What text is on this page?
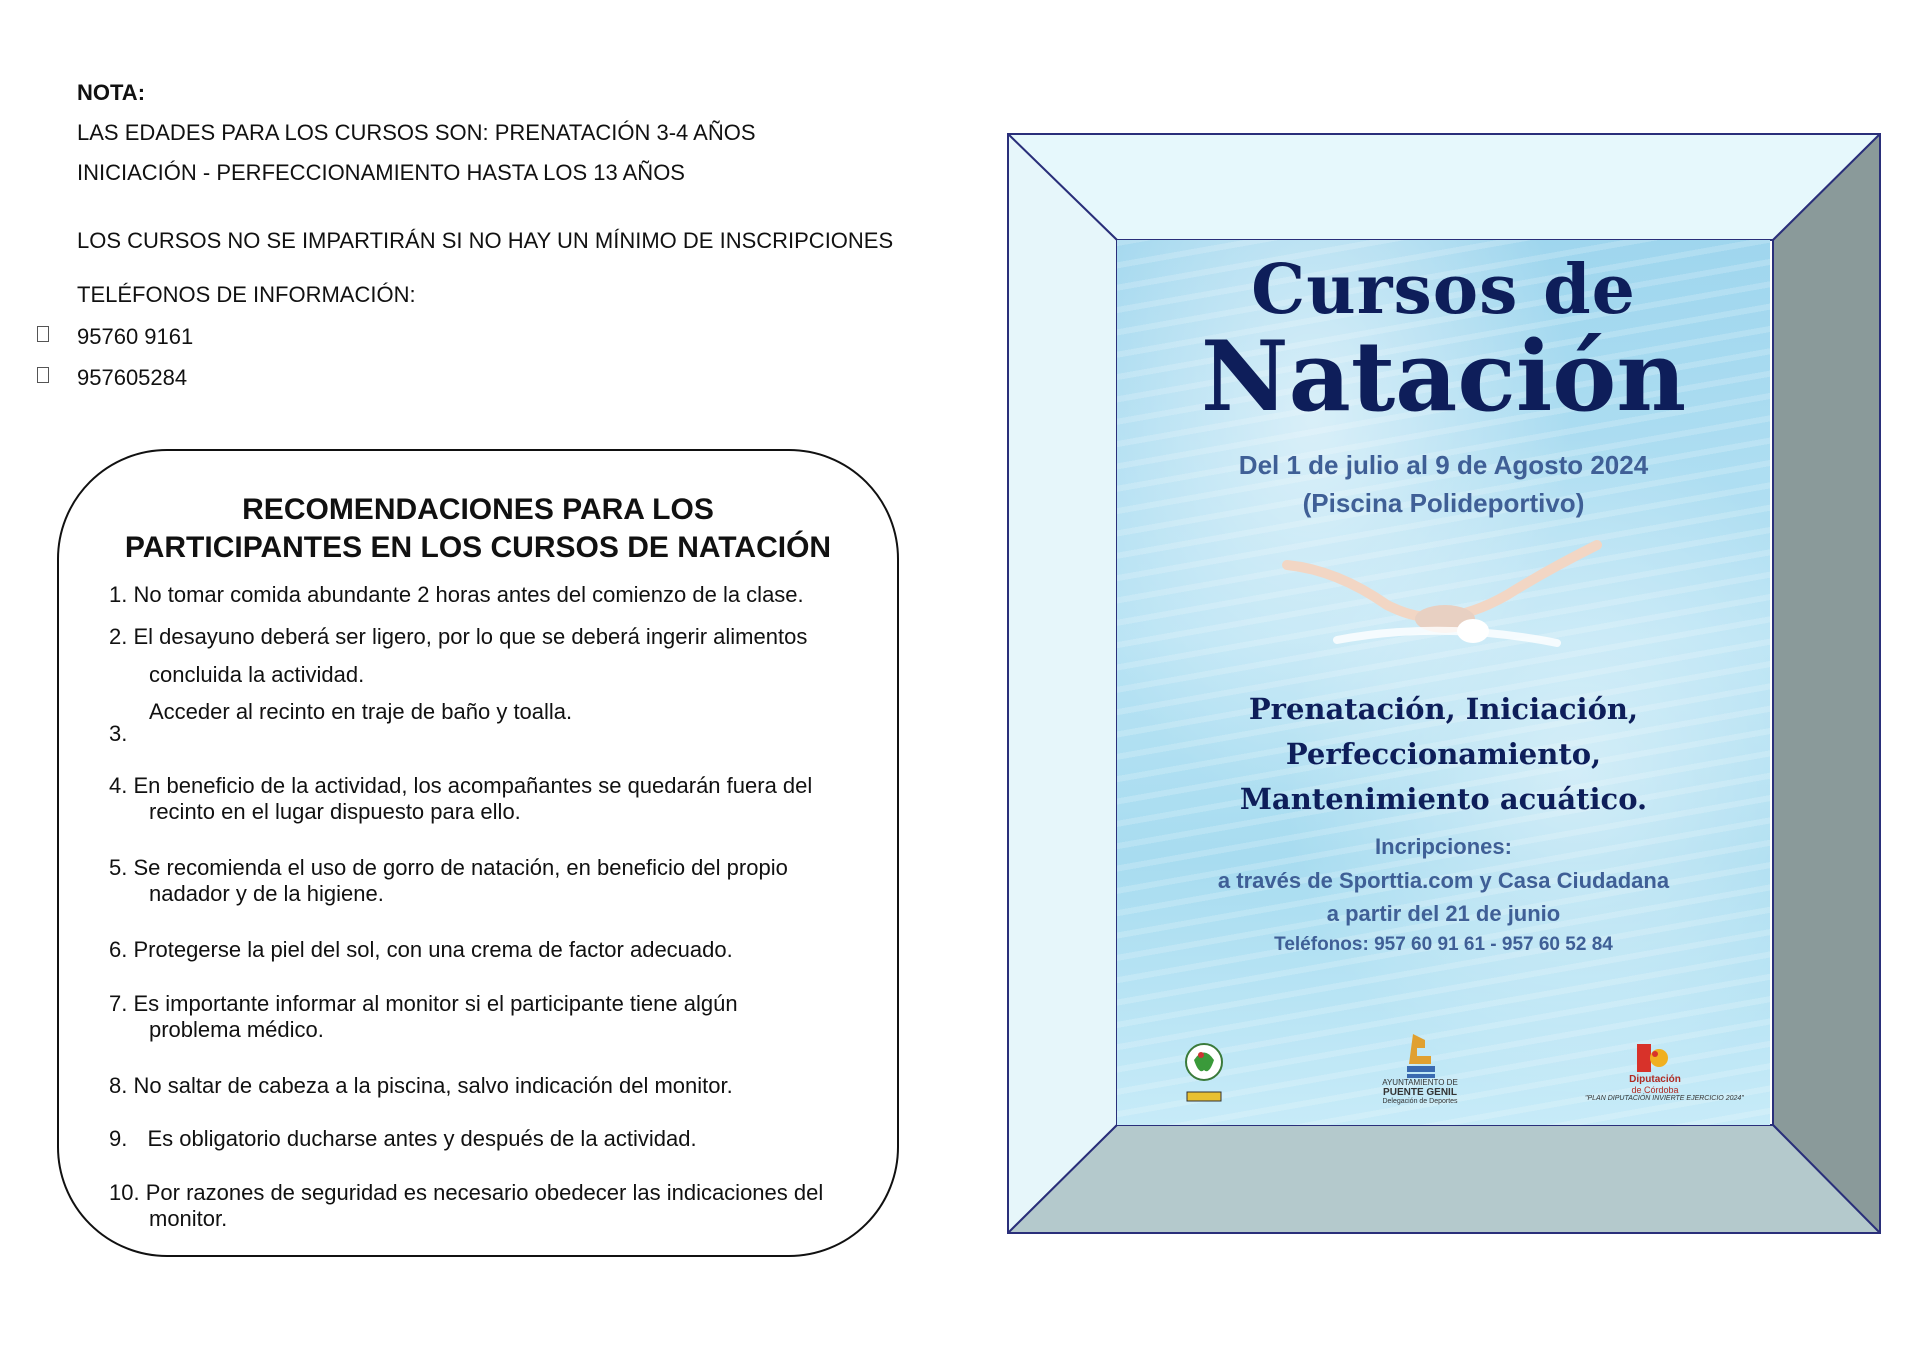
NOTA:
LAS EDADES PARA LOS CURSOS SON: PRENATACIÓN 3-4 AÑOS
INICIACIÓN - PERFECCIONAMIENTO HASTA LOS 13 AÑOS
LOS CURSOS NO SE IMPARTIRÁN SI NO HAY UN MÍNIMO DE INSCRIPCIONES
TELÉFONOS DE INFORMACIÓN:
95760 9161
957605284
RECOMENDACIONES PARA LOS
PARTICIPANTES EN LOS CURSOS DE NATACIÓN
1. No tomar comida abundante 2 horas antes del comienzo de la clase.
2. El desayuno deberá ser ligero, por lo que se deberá ingerir alimentos
concluida la actividad.
Acceder al recinto en traje de baño y toalla.
3.
4. En beneficio de la actividad, los acompañantes se quedarán fuera del
recinto en el lugar dispuesto para ello.
5. Se recomienda el uso de gorro de natación, en beneficio del propio
nadador y de la higiene.
6. Protegerse la piel del sol, con una crema de factor adecuado.
7. Es importante informar al monitor si el participante tiene algún
problema médico.
8. No saltar de cabeza a la piscina, salvo indicación del monitor.
9. Es obligatorio ducharse antes y después de la actividad.
10. Por razones de seguridad es necesario obedecer las indicaciones del
monitor.
Cursos de
Natación
Del 1 de julio al 9 de Agosto 2024
(Piscina Polideportivo)
Prenatación, Iniciación,
Perfeccionamiento,
Mantenimiento acuático.
Incripciones:
a través de Sporttia.com y Casa Ciudadana
a partir del 21 de junio
Teléfonos: 957 60 91 61 - 957 60 52 84
AYUNTAMIENTO DE
PUENTE GENIL
Delegación de Deportes
Diputación
de Córdoba
"PLAN DIPUTACIÓN INVIERTE EJERCICIO 2024"
